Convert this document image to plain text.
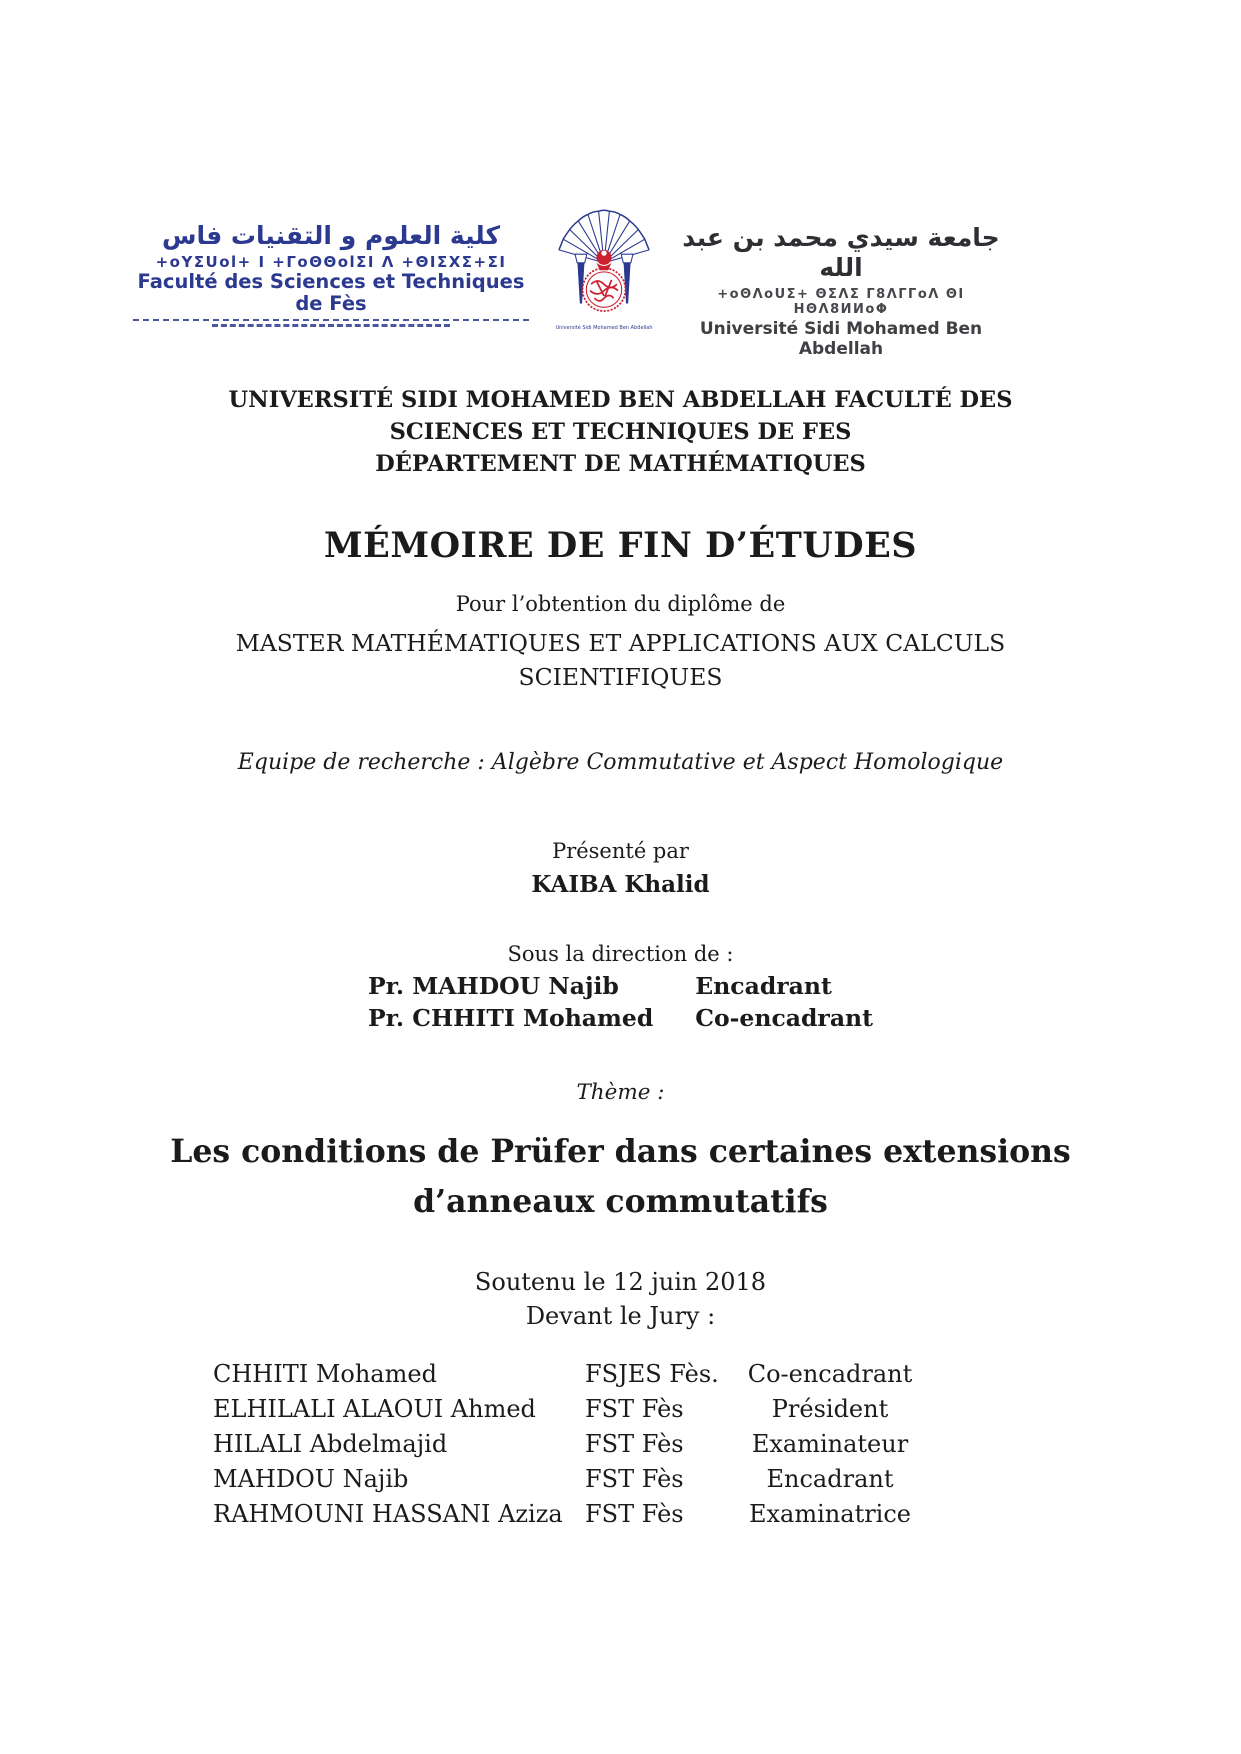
كلية العلوم و التقنيات فاس
+oYΣUol+ I +ΓoΘΘolΣI Λ +ΘIΣXΣ+ΣI
Faculté des Sciences et Techniques de Fès
Université Sidi Mohamed Ben Abdellah
جامعة سيدي محمد بن عبد الله
+oΘΛoUΣ+ ΘΣΛΣ Γ8ΛΓΓoΛ ΘI ΗΘΛ8ИИoΦ
Université Sidi Mohamed Ben Abdellah
UNIVERSITÉ SIDI MOHAMED BEN ABDELLAH FACULTÉ DES
SCIENCES ET TECHNIQUES DE FES
DÉPARTEMENT DE MATHÉMATIQUES
MÉMOIRE DE FIN D’ÉTUDES
Pour l’obtention du diplôme de
MASTER MATHÉMATIQUES ET APPLICATIONS AUX CALCULS
SCIENTIFIQUES
Equipe de recherche : Algèbre Commutative et Aspect Homologique
Présenté par
KAIBA Khalid
Sous la direction de :
Pr. MAHDOU Najib	Encadrant
Pr. CHHITI Mohamed Co-encadrant
Thème :
Les conditions de Prüfer dans certaines extensions
d’anneaux commutatifs
Soutenu le 12 juin 2018
Devant le Jury :
CHHITI Mohamed	FSJES Fès.	Co-encadrant
ELHILALI ALAOUI Ahmed	FST Fès	Président
HILALI Abdelmajid	FST Fès	Examinateur
MAHDOU Najib	FST Fès	Encadrant
RAHMOUNI HASSANI Aziza FST Fès	Examinatrice
